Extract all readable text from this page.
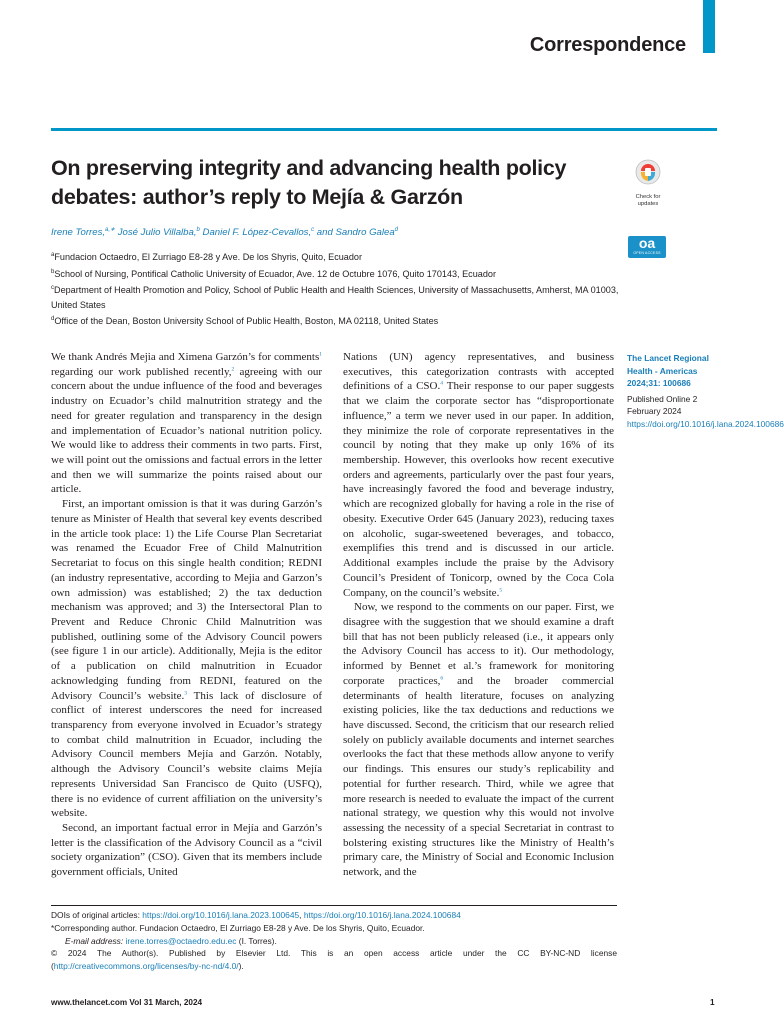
Correspondence
On preserving integrity and advancing health policy debates: author’s reply to Mejía & Garzón	Check for updates
oa
OPEN ACCESS
Irene Torres,$^{a,∗}$ José Julio Villalba,$^b$ Daniel F. López-Cevallos,$^c$ and Sandro Galea$^d$

$^a$Fundacion Octaedro, El Zurriago E8-28 y Ave. De los Shyris, Quito, Ecuador

$^b$School of Nursing, Pontifical Catholic University of Ecuador, Ave. 12 de Octubre 1076, Quito 170143, Ecuador

$^c$Department of Health Promotion and Policy, School of Public Health and Health Sciences, University of Massachusetts, Amherst, MA 01003, United States

$^d$Office of the Dean, Boston University School of Public Health, Boston, MA 02118, United States

We thank Andrés Mejia and Ximena Garzón’s for comments$^1$ regarding our work published recently,$^2$ agreeing with our concern about the undue influence of the food and beverages industry on Ecuador’s child malnutrition strategy and the need for greater regulation and transparency in the design and implementation of Ecuador’s national nutrition policy. We would like to address their comments in two parts. First, we will point out the omissions and factual errors in the letter and then we will summarize the points raised about our article.

First, an important omission is that it was during Garzón’s tenure as Minister of Health that several key events described in the article took place: 1) the Life Course Plan Secretariat was renamed the Ecuador Free of Child Malnutrition Secretariat to focus on this single health condition; REDNI (an industry representative, according to Mejia and Garzon’s own admission) was established; 2) the tax deduction mechanism was approved; and 3) the Intersectoral Plan to Prevent and Reduce Chronic Child Malnutrition was published, outlining some of the Advisory Council powers (see figure 1 in our article). Additionally, Mejia is the editor of a publication on child malnutrition in Ecuador acknowledging funding from REDNI, featured on the Advisory Council’s website.$^3$ This lack of disclosure of conflict of interest underscores the need for increased transparency from everyone involved in Ecuador’s strategy to combat child malnutrition in Ecuador, including the Advisory Council members Mejía and Garzón. Notably, although the Advisory Council’s website claims Mejía represents Universidad San Francisco de Quito (USFQ), there is no evidence of current affiliation on the university’s website.

Second, an important factual error in Mejía and Garzón’s letter is the classification of the Advisory Council as a “civil society organization” (CSO). Given that its members include government officials, United

Nations (UN) agency representatives, and business executives, this categorization contrasts with accepted definitions of a CSO.$^4$ Their response to our paper suggests that we claim the corporate sector has “disproportionate influence,” a term we never used in our paper. In addition, they minimize the role of corporate representatives in the council by noting that they make up only 16% of its membership. However, this overlooks how recent executive orders and agreements, particularly over the past four years, have increasingly favored the food and beverage industry, which are recognized globally for having a role in the rise of obesity. Executive Order 645 (January 2023), reducing taxes on alcoholic, sugar-sweetened beverages, and tobacco, exemplifies this trend and is discussed in our article. Additional examples include the praise by the Advisory Council’s President of Tonicorp, owned by the Coca Cola Company, on the council’s website.$^5$

Now, we respond to the comments on our paper. First, we disagree with the suggestion that we should examine a draft bill that has not been publicly released (i.e., it appears only the Advisory Council has access to it). Our methodology, informed by Bennet et al.’s framework for monitoring corporate practices,$^6$ and the broader commercial determinants of health literature, focuses on analyzing existing policies, like the tax deductions and reductions we have discussed. Second, the criticism that our research relied solely on publicly available documents and internet searches overlooks the fact that these methods allow anyone to verify our findings. This ensures our study’s replicability and potential for further research. Third, while we agree that more research is needed to evaluate the impact of the current national strategy, we question why this would not involve assessing the necessity of a special Secretariat in contrast to bolstering existing structures like the Ministry of Health’s primary care, the Ministry of Social and Economic Inclusion network, and the

The Lancet Regional Health - Americas 2024;31: 100686
Published Online 2 February 2024
https://doi.org/10.1016/j.lana.2024.100686

DOIs of original articles: https://doi.org/10.1016/j.lana.2023.100645, https://doi.org/10.1016/j.lana.2024.100684

*Corresponding author. Fundacion Octaedro, El Zurriago E8-28 y Ave. De los Shyris, Quito, Ecuador.

E-mail address: irene.torres@octaedro.edu.ec (I. Torres).

© 2024 The Author(s). Published by Elsevier Ltd. This is an open access article under the CC BY-NC-ND license (http://creativecommons.org/licenses/by-nc-nd/4.0/).

www.thelancet.com Vol 31 March, 2024	1
